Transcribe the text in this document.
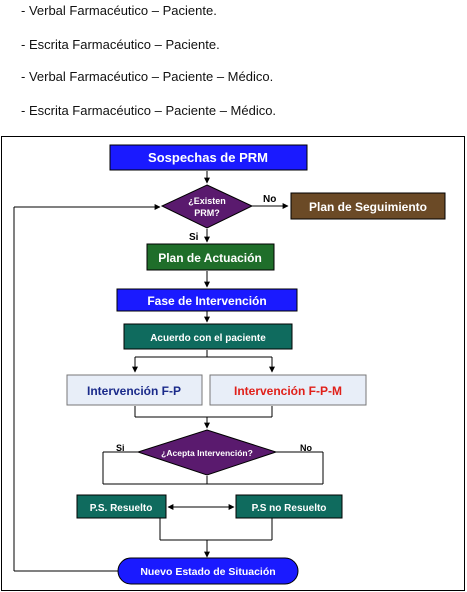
- Verbal Farmacéutico – Paciente.
- Escrita Farmacéutico – Paciente.
- Verbal Farmacéutico – Paciente – Médico.
- Escrita Farmacéutico – Paciente – Médico.
Sospechas de PRM
¿Existen
PRM?
No
Si
Plan de Seguimiento
Plan de Actuación
Fase de Intervención
Acuerdo con el paciente
Intervención F-P	Intervención F-P-M
¿Acepta Intervención?
Si	No
P.S. Resuelto	P.S no Resuelto
Nuevo Estado de Situación
